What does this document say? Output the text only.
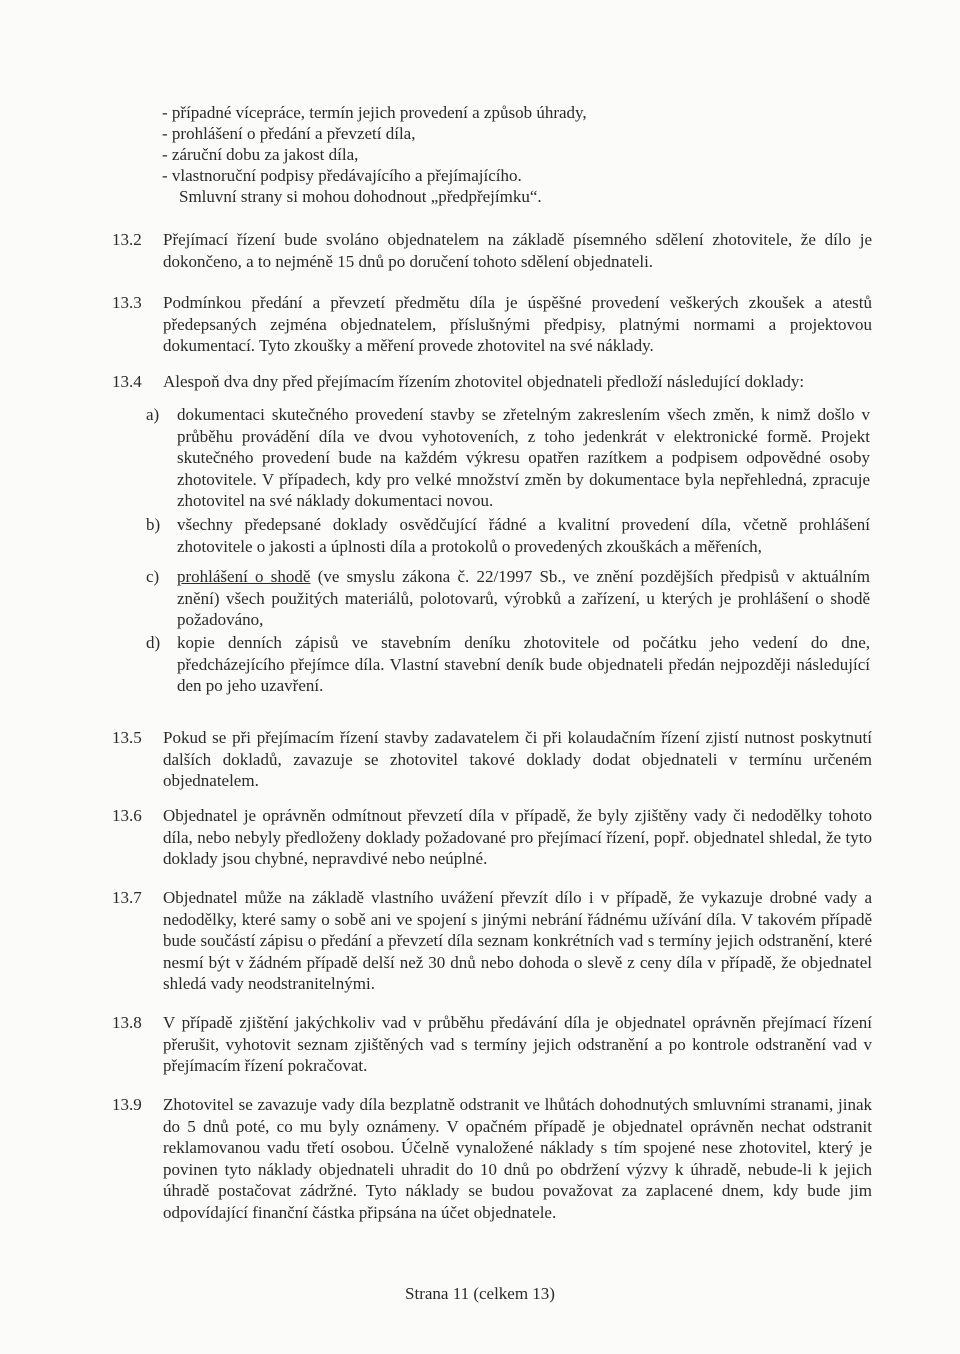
- případné vícepráce, termín jejich provedení a způsob úhrady,
- prohlášení o předání a převzetí díla,
- záruční dobu za jakost díla,
- vlastnoruční podpisy předávajícího a přejímajícího.
Smluvní strany si mohou dohodnout „předpřejímku“.
13.2	Přejímací řízení bude svoláno objednatelem na základě písemného sdělení zhotovitele, že dílo je dokončeno, a to nejméně 15 dnů po doručení tohoto sdělení objednateli.
13.3	Podmínkou předání a převzetí předmětu díla je úspěšné provedení veškerých zkoušek a atestů předepsaných zejména objednatelem, příslušnými předpisy, platnými normami a projektovou dokumentací. Tyto zkoušky a měření provede zhotovitel na své náklady.
13.4	Alespoň dva dny před přejímacím řízením zhotovitel objednateli předloží následující doklady:
a)	dokumentaci skutečného provedení stavby se zřetelným zakreslením všech změn, k nimž došlo v průběhu provádění díla ve dvou vyhotoveních, z toho jedenkrát v elektronické formě. Projekt skutečného provedení bude na každém výkresu opatřen razítkem a podpisem odpovědné osoby zhotovitele. V případech, kdy pro velké množství změn by dokumentace byla nepřehledná, zpracuje zhotovitel na své náklady dokumentaci novou.
b) všechny předepsané doklady osvědčující řádné a kvalitní provedení díla, včetně prohlášení zhotovitele o jakosti a úplnosti díla a protokolů o provedených zkouškách a měřeních,
c)	prohlášení o shodě (ve smyslu zákona č. 22/1997 Sb., ve znění pozdějších předpisů v aktuálním znění) všech použitých materiálů, polotovarů, výrobků a zařízení, u kterých je prohlášení o shodě požadováno,
d) kopie denních zápisů ve stavebním deníku zhotovitele od počátku jeho vedení do dne, předcházejícího přejímce díla. Vlastní stavební deník bude objednateli předán nejpozději následující den po jeho uzavření.
13.5	Pokud se při přejímacím řízení stavby zadavatelem či při kolaudačním řízení zjistí nutnost poskytnutí dalších dokladů, zavazuje se zhotovitel takové doklady dodat objednateli v termínu určeném objednatelem.
13.6	Objednatel je oprávněn odmítnout převzetí díla v případě, že byly zjištěny vady či nedodělky tohoto díla, nebo nebyly předloženy doklady požadované pro přejímací řízení, popř. objednatel shledal, že tyto doklady jsou chybné, nepravdivé nebo neúplné.
13.7	Objednatel může na základě vlastního uvážení převzít dílo i v případě, že vykazuje drobné vady a nedodělky, které samy o sobě ani ve spojení s jinými nebrání řádnému užívání díla. V takovém případě bude součástí zápisu o předání a převzetí díla seznam konkrétních vad s termíny jejich odstranění, které nesmí být v žádném případě delší než 30 dnů nebo dohoda o slevě z ceny díla v případě, že objednatel shledá vady neodstranitelnými.
13.8	V případě zjištění jakýchkoliv vad v průběhu předávání díla je objednatel oprávněn přejímací řízení přerušit, vyhotovit seznam zjištěných vad s termíny jejich odstranění a po kontrole odstranění vad v přejímacím řízení pokračovat.
13.9	Zhotovitel se zavazuje vady díla bezplatně odstranit ve lhůtách dohodnutých smluvními stranami, jinak do 5 dnů poté, co mu byly oznámeny. V opačném případě je objednatel oprávněn nechat odstranit reklamovanou vadu třetí osobou. Účelně vynaložené náklady s tím spojené nese zhotovitel, který je povinen tyto náklady objednateli uhradit do 10 dnů po obdržení výzvy k úhradě, nebude-li k jejich úhradě postačovat zádržné. Tyto náklady se budou považovat za zaplacené dnem, kdy bude jim odpovídající finanční částka připsána na účet objednatele.
Strana 11 (celkem 13)
